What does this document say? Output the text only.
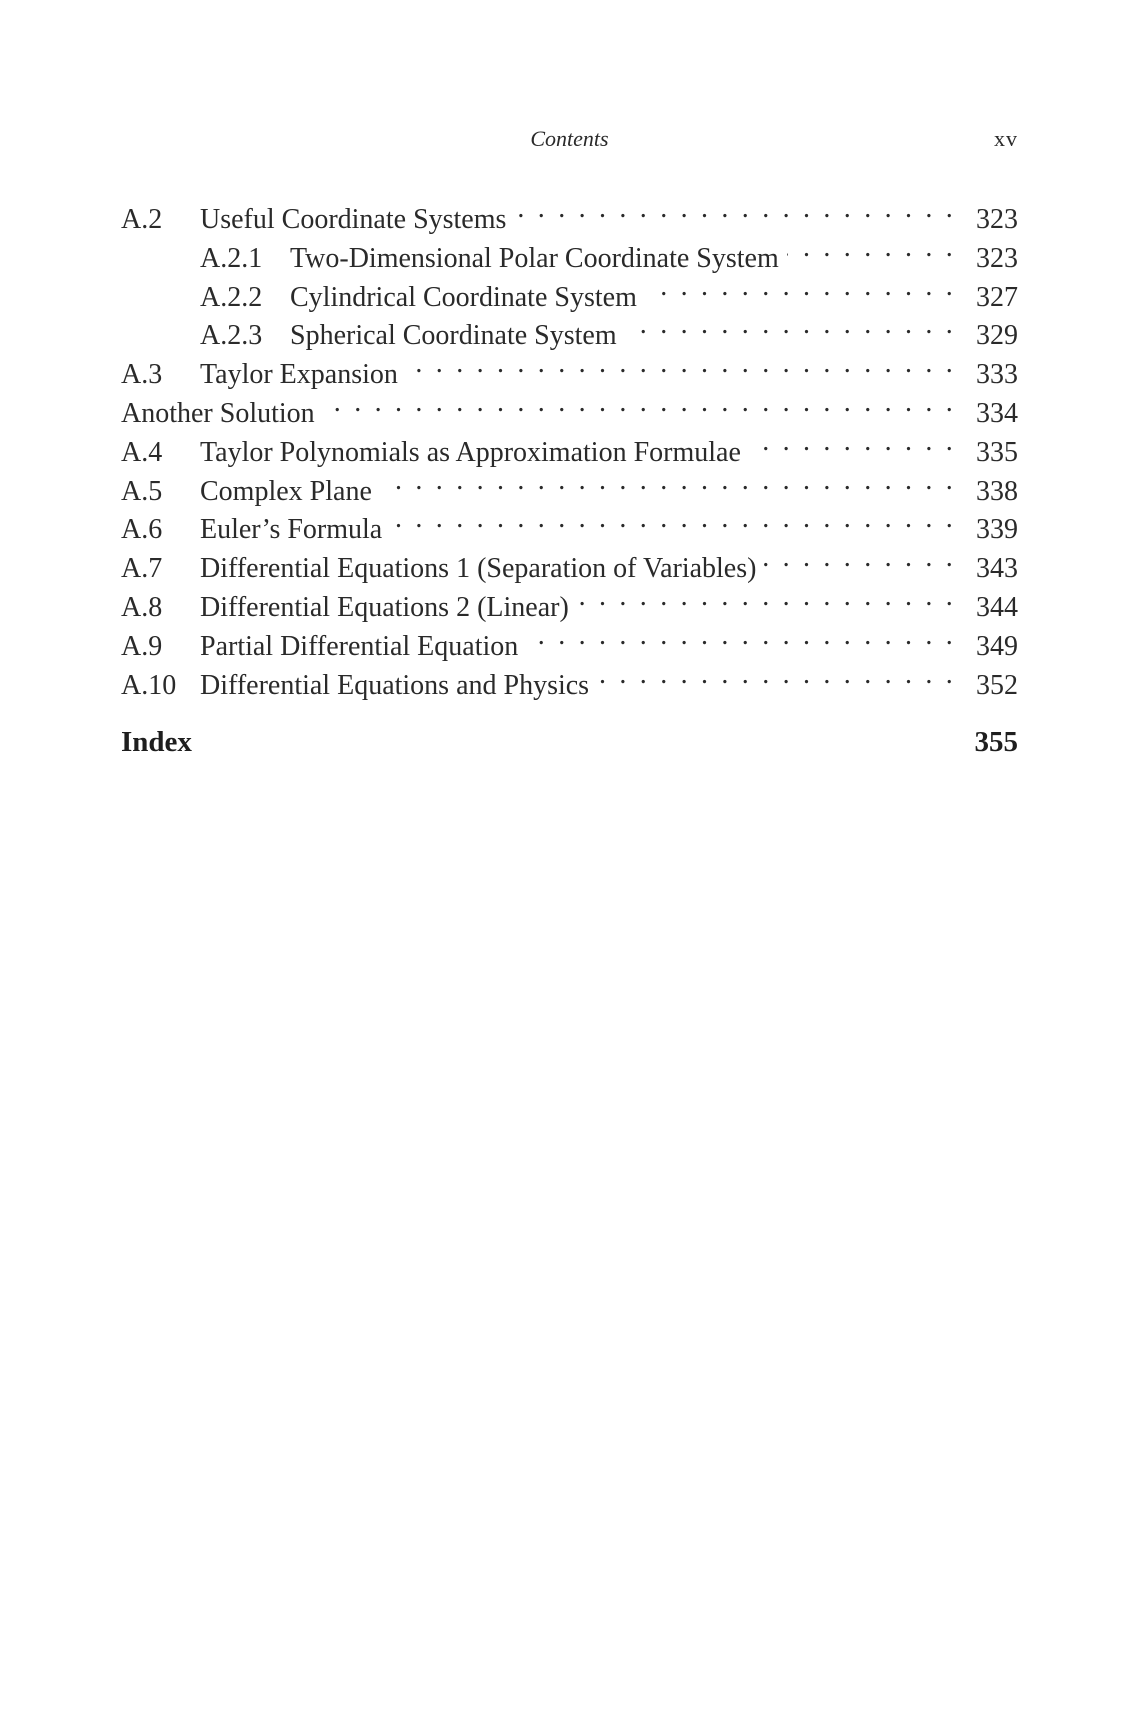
Contents	xv
A.2	Useful Coordinate Systems . . .	323
A.2.1 Two-Dimensional Polar Coordinate System . . .	323
A.2.2 Cylindrical Coordinate System . . .	327
A.2.3 Spherical Coordinate System . . .	329
A.3	Taylor Expansion . . .	333
Another Solution . . .	334
A.4	Taylor Polynomials as Approximation Formulae . . .	335
A.5	Complex Plane . . .	338
A.6	Euler’s Formula . . .	339
A.7	Differential Equations 1 (Separation of Variables) . . .	343
A.8	Differential Equations 2 (Linear) . . .	344
A.9	Partial Differential Equation . . .	349
A.10 Differential Equations and Physics . . .	352
Index	355
